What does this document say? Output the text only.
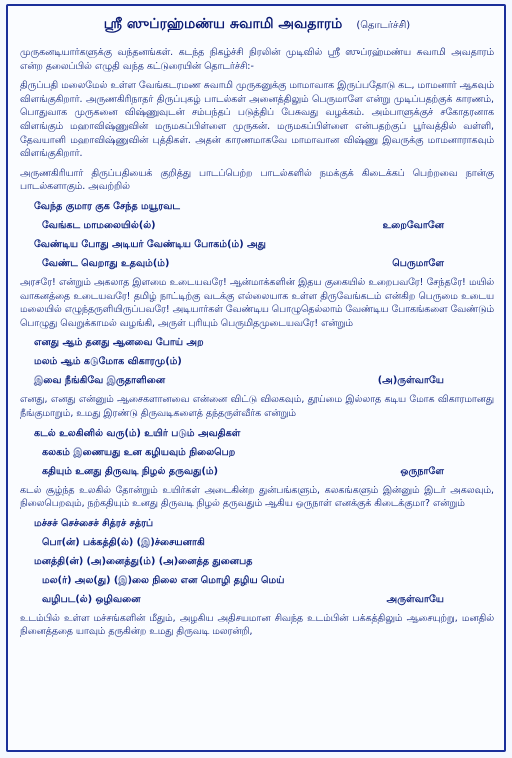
ஸ்ரீ ஸுப்ரஹ்மண்ய சுவாமி அவதாரம் (தொடர்ச்சி)

முருகனடியார்களுக்கு வந்தனங்கள். கடந்த நிகழ்ச்சி நிரலின் முடிவில் ஸ்ரீ ஸுப்ரஹ்மண்ய சுவாமி அவதாரம் என்ற தலைப்பில் எழுதி வந்த கட்டுரையின் தொடர்ச்சி:-

திருப்பதி மலைமேல் உள்ள வேங்கடரமண சுவாமி முருகனுக்கு மாமாவாக இருப்பதோடு கட, மாமனார் ஆகவும் விளங்குகிறார். அருணகிரிநாதர் திருப்புகழ் பாடல்கள் அனைத்திலும் பெருமாளே என்று முடிப்பதற்குக் காரணம், பொதுவாக முருகனை விஷ்ணுவுடன் சம்பந்தப் படுத்திப் பேசுவது வழக்கம். அம்பாளுக்குச் சகோதரனாக விளங்கும் மஹாவிஷ்ணுவின் மருமகப்பிள்ளை முருகன். மருமகப்பிள்ளை என்பதற்குப் பூர்வத்தில் வள்ளி, தேவயானி மஹாவிஷ்ணுவின் புத்திகள். அதன் காரணமாகவே மாமாவான விஷ்ணு இவருக்கு மாமனாராகவும் விளங்குகிறார்.

அருணகிரியார் திருப்பதியைக் குறித்து பாடப்பெற்ற பாடல்களில் நமக்குக் கிடைக்கப் பெற்றவை நான்கு பாடல்களாகும். அவற்றில்

வேந்த குமார குக சேந்த மயூரவட
வேங்கட மாமலையில்(ல்)	உறைவோனே
வேண்டிய போது அடியர் வேண்டிய போகம்(ம்) அது
வேண்ட வெறாது உதவும்(ம்)	பெருமாளே

அரசரே! என்றும் அகலாத இளமை உடையவரே! ஆன்மாக்களின் இதய குகையில் உறைபவரே! சேந்தரே! மயில் வாகனத்தை உடையவரே! தமிழ் நாட்டிற்கு வடக்கு எல்லையாக உள்ள திருவேங்கடம் என்கிற பெருமை உடைய மலையில் எழுந்தருளியிருப்பவரே! அடியார்கள் வேண்டிய பொழுதெல்லாம் வேண்டிய போகங்களை வேண்டும் பொழுது வெறுக்காமல் வழங்கி, அருள் புரியும் பெருமிதமுடையவரே! என்றும்

எனது ஆம் தனது ஆனவை போய் அற
மலம் ஆம் கடுமோக விகாரமு(ம்)
இவை நீங்கிவே இருதாளினை	(அ)ருள்வாயே

எனது, எனது என்னும் ஆசைகளானவை என்னை விட்டு விலகவும், தூய்மை இல்லாத கடிய மோக விகாரமானது நீங்குமாறும், உமது இரண்டு திருவடிகளைத் தந்தருள்வீர்க என்றும்

கடல் உலகினில் வரு(ம்) உயிர் படும் அவதிகள்
கலகம் இணையது உன கழியவும் நிலைபெற
கதியும் உனது திருவடி நிழல் தருவது(ம்)	ஒருநாளே

கடல் சூழ்ந்த உலகில் தோன்றும் உயிர்கள் அடைகின்ற துன்பங்களும், கலகங்களும் இன்னும் இடர் அகலவும், நிலைபெறவும், நற்கதியும் உனது திருவடி நிழல் தருவதும் ஆகிய ஒருநாள் எனக்குக் கிடைக்குமா? என்றும்

மச்சச் செச்சைச் சித்ரச் சத்ரப்
பொ(ன்) பக்கத்தி(ல்) (இ)ச்சையனாகி
மனத்தி(ன்) (அ)னைத்து(ம்) (அ)னைத்த துனைபத
மல(ர்) அல(து) (இ)லை நிலை என மொழி தழிய மெய்
வழிபட(ல்) ஒழிவனை	அருள்வாயே

உடம்பில் உள்ள மச்சங்களின் மீதும், அழகிய அதிசயமான சிவந்த உடம்பின் பக்கத்திலும் ஆசையுற்று, மனதில் நினைத்ததை யாவும் தருகின்ற உமது திருவடி மலரன்றி,
